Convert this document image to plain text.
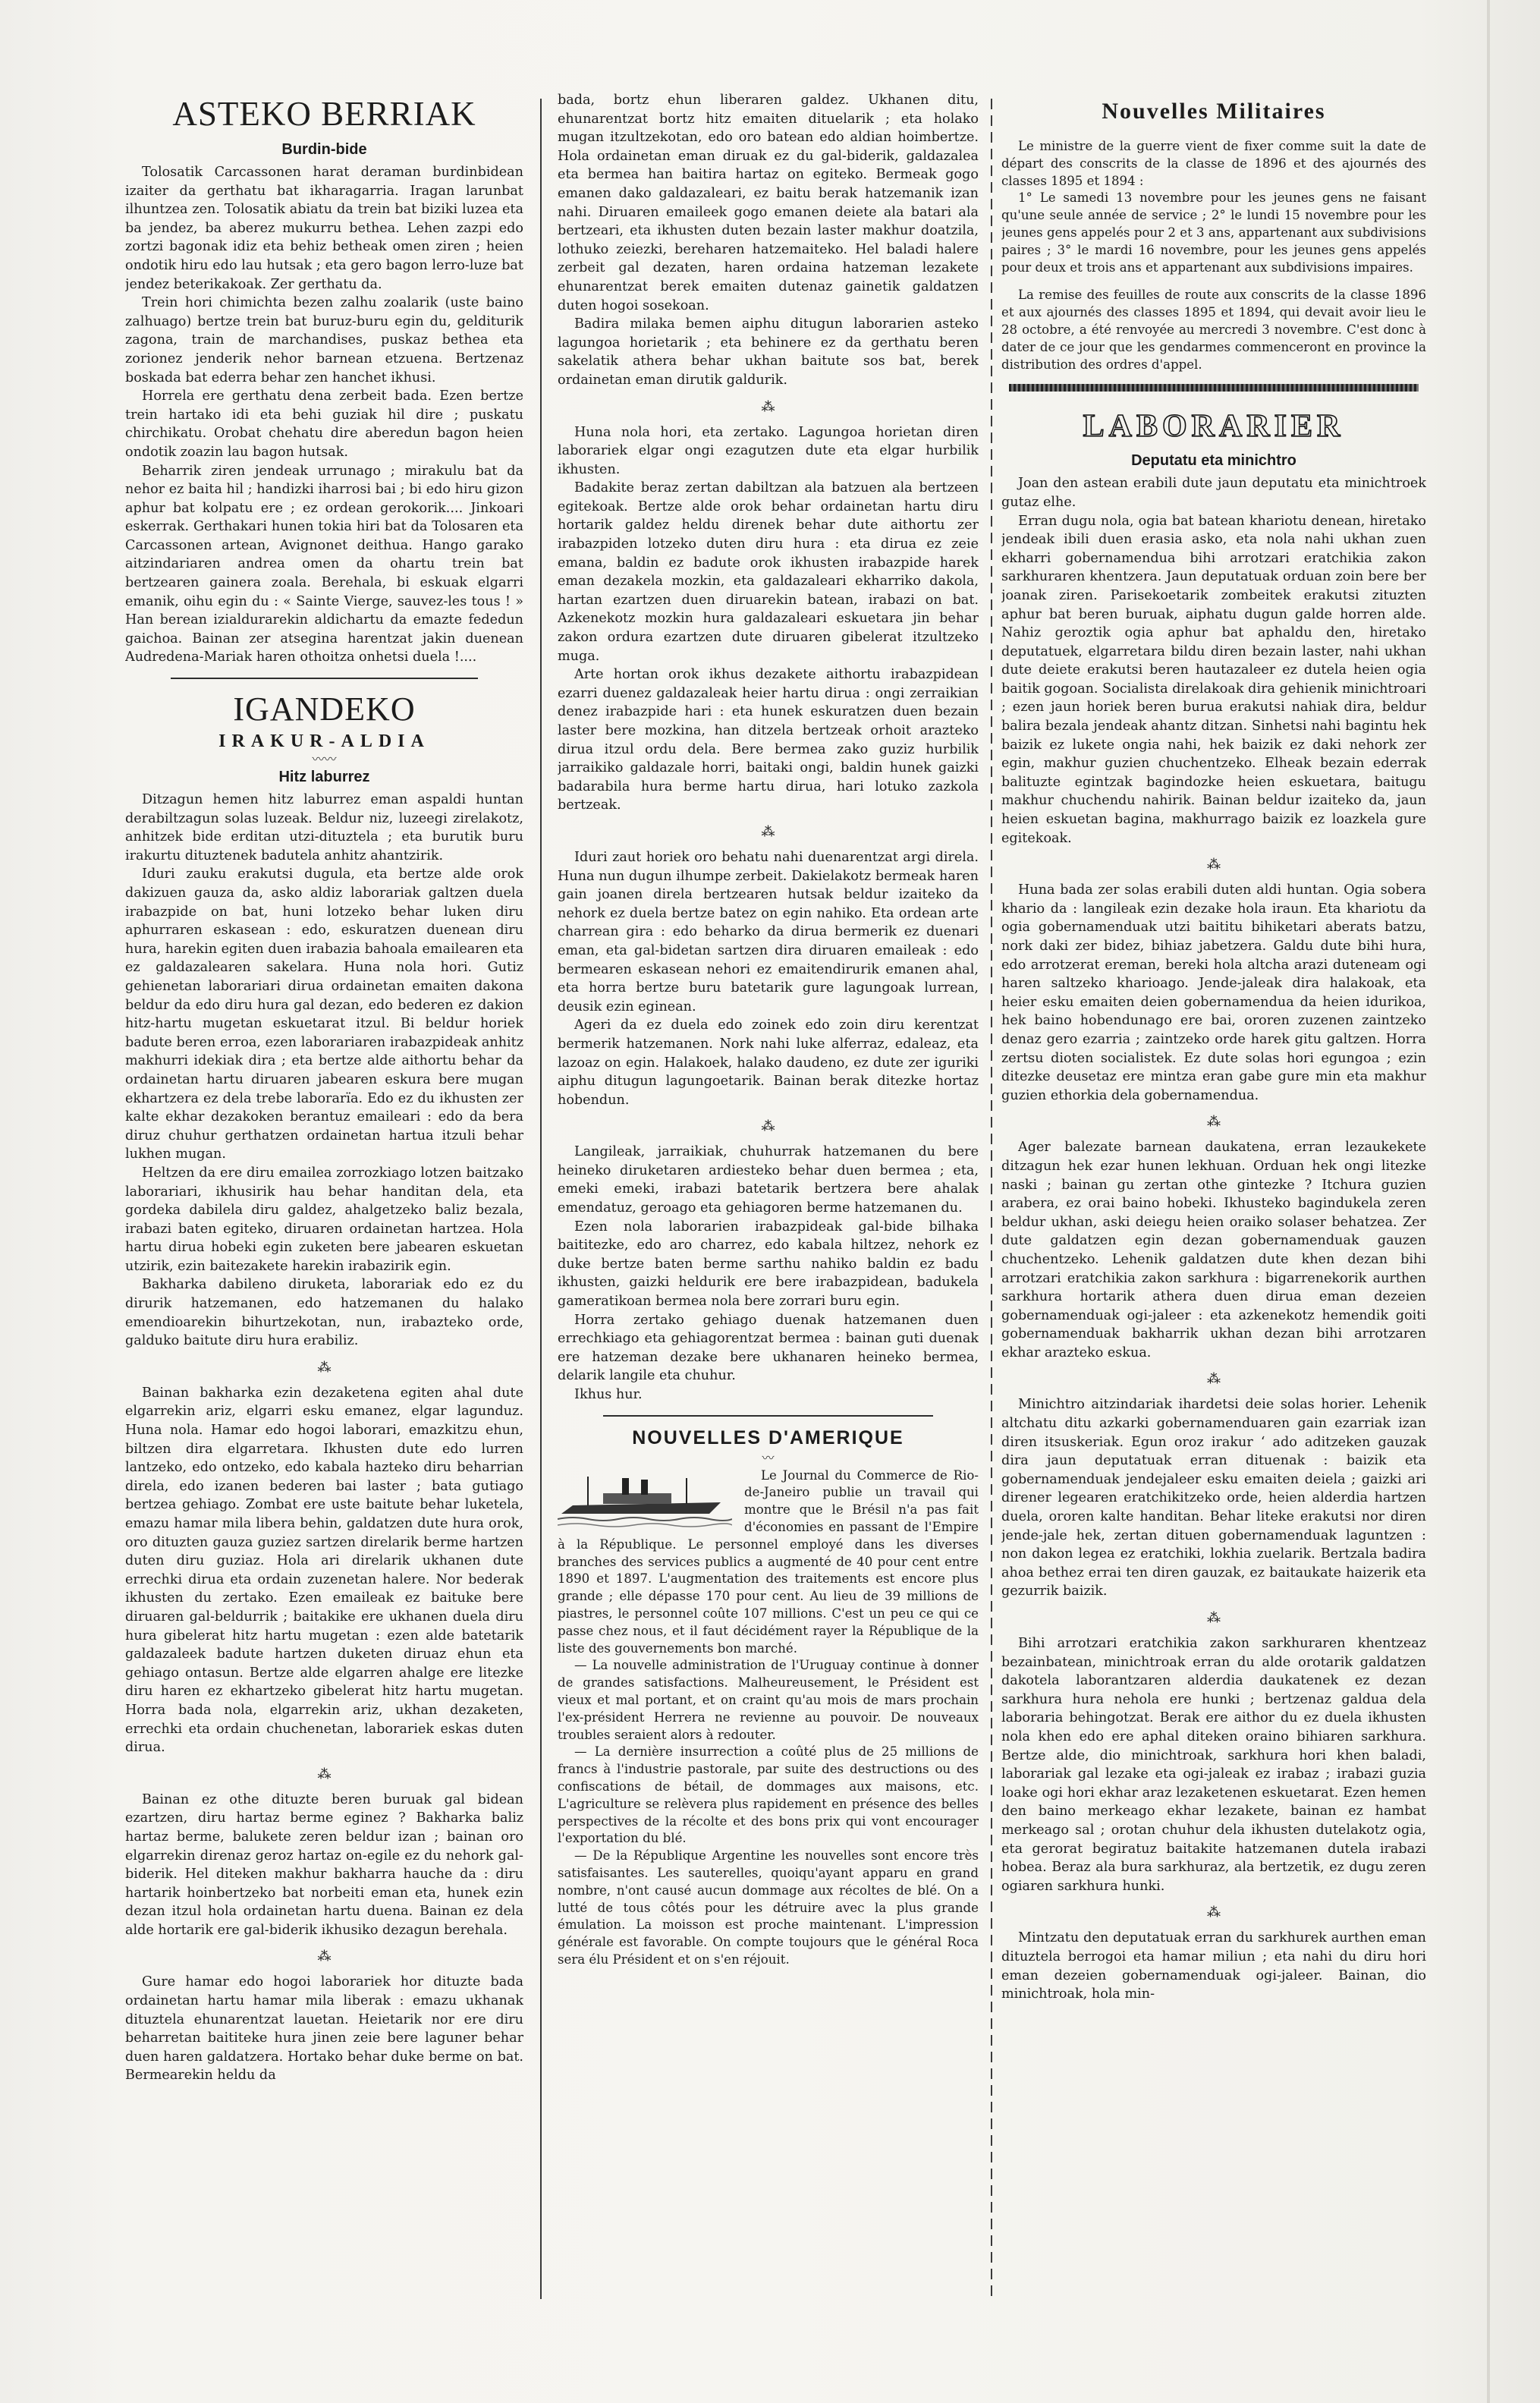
ASTEKO BERRIAK
Burdin-bide

Tolosatik Carcassonen harat deraman burdinbidean izaiter da gerthatu bat ikharagarria. Iragan larunbat ilhuntzea zen. Tolosatik abiatu da trein bat biziki luzea eta ba jendez, ba aberez mukurru bethea. Lehen zazpi edo zortzi bagonak idiz eta behiz betheak omen ziren ; heien ondotik hiru edo lau hutsak ; eta gero bagon lerro-luze bat jendez beterikakoak. Zer gerthatu da.

Trein hori chimichta bezen zalhu zoalarik (uste baino zalhuago) bertze trein bat buruz-buru egin du, gelditurik zagona, train de marchandises, puskaz bethea eta zorionez jenderik nehor barnean etzuena. Bertzenaz boskada bat ederra behar zen hanchet ikhusi.

Horrela ere gerthatu dena zerbeit bada. Ezen bertze trein hartako idi eta behi guziak hil dire ; puskatu chirchikatu. Orobat chehatu dire aberedun bagon heien ondotik zoazin lau bagon hutsak.

Beharrik ziren jendeak urrunago ; mirakulu bat da nehor ez baita hil ; handizki iharrosi bai ; bi edo hiru gizon aphur bat kolpatu ere ; ez ordean gerokorik.... Jinkoari eskerrak. Gerthakari hunen tokia hiri bat da Tolosaren eta Carcassonen artean, Avignonet deithua. Hango garako aitzindariaren andrea omen da ohartu trein bat bertzearen gainera zoala. Berehala, bi eskuak elgarri emanik, oihu egin du : « Sainte Vierge, sauvez-les tous ! » Han berean izialdurarekin aldichartu da emazte fededun gaichoa. Bainan zer atsegina harentzat jakin duenean Audredena-Mariak haren othoitza onhetsi duela !....

IGANDEKO
IRAKUR-ALDIA
〰〰
Hitz laburrez

Ditzagun hemen hitz laburrez eman aspaldi huntan derabiltzagun solas luzeak. Beldur niz, luzeegi zirelakotz, anhitzek bide erditan utzi-dituztela ; eta burutik buru irakurtu dituztenek badutela anhitz ahantzirik.

Iduri zauku erakutsi dugula, eta bertze alde orok dakizuen gauza da, asko aldiz laborariak galtzen duela irabazpide on bat, huni lotzeko behar luken diru aphurraren eskasean : edo, eskuratzen duenean diru hura, harekin egiten duen irabazia bahoala emailearen eta ez galdazalearen sakelara. Huna nola hori. Gutiz gehienetan laborariari dirua ordainetan emaiten dakona beldur da edo diru hura gal dezan, edo bederen ez dakion hitz-hartu mugetan eskuetarat itzul. Bi beldur horiek badute beren erroa, ezen laborariaren irabazpideak anhitz makhurri idekiak dira ; eta bertze alde aithortu behar da ordainetan hartu diruaren jabearen eskura bere mugan ekhartzera ez dela trebe laborarïa. Edo ez du ikhusten zer kalte ekhar dezakoken berantuz emaileari : edo da bera diruz chuhur gerthatzen ordainetan hartua itzuli behar lukhen mugan.

Heltzen da ere diru emailea zorrozkiago lotzen baitzako laborariari, ikhusirik hau behar handitan dela, eta gordeka dabilela diru galdez, ahalgetzeko baliz bezala, irabazi baten egiteko, diruaren ordainetan hartzea. Hola hartu dirua hobeki egin zuketen bere jabearen eskuetan utzirik, ezin baitezakete harekin irabazirik egin.

Bakharka dabileno diruketa, laborariak edo ez du dirurik hatzemanen, edo hatzemanen du halako emendioarekin bihurtzekotan, nun, irabazteko orde, galduko baitute diru hura erabiliz.

⁂

Bainan bakharka ezin dezaketena egiten ahal dute elgarrekin ariz, elgarri esku emanez, elgar lagunduz. Huna nola. Hamar edo hogoi laborari, emazkitzu ehun, biltzen dira elgarretara. Ikhusten dute edo lurren lantzeko, edo ontzeko, edo kabala hazteko diru beharrian direla, edo izanen bederen bai laster ; bata gutiago bertzea gehiago. Zombat ere uste baitute behar luketela, emazu hamar mila libera behin, galdatzen dute hura orok, oro dituzten gauza guziez sartzen direlarik berme hartzen duten diru guziaz. Hola ari direlarik ukhanen dute errechki dirua eta ordain zuzenetan halere. Nor bederak ikhusten du zertako. Ezen emaileak ez baituke bere diruaren gal-beldurrik ; baitakike ere ukhanen duela diru hura gibelerat hitz hartu mugetan : ezen alde batetarik galdazaleek badute hartzen duketen diruaz ehun eta gehiago ontasun. Bertze alde elgarren ahalge ere litezke diru haren ez ekhartzeko gibelerat hitz hartu mugetan. Horra bada nola, elgarrekin ariz, ukhan dezaketen, errechki eta ordain chuchenetan, laborariek eskas duten dirua.

⁂

Bainan ez othe dituzte beren buruak gal bidean ezartzen, diru hartaz berme eginez ? Bakharka baliz hartaz berme, balukete zeren beldur izan ; bainan oro elgarrekin direnaz geroz hartaz on-egile ez du nehork gal-biderik. Hel diteken makhur bakharra hauche da : diru hartarik hoinbertzeko bat norbeiti eman eta, hunek ezin dezan itzul hola ordainetan hartu duena. Bainan ez dela alde hortarik ere gal-biderik ikhusiko dezagun berehala.

⁂

Gure hamar edo hogoi laborariek hor dituzte bada ordainetan hartu hamar mila liberak : emazu ukhanak dituztela ehunarentzat lauetan. Heietarik nor ere diru beharretan baititeke hura jinen zeie bere laguner behar duen haren galdatzera. Hortako behar duke berme on bat. Bermearekin heldu da

bada, bortz ehun liberaren galdez. Ukhanen ditu, ehunarentzat bortz hitz emaiten dituelarik ; eta holako mugan itzultzekotan, edo oro batean edo aldian hoimbertze. Hola ordainetan eman diruak ez du gal-biderik, galdazalea eta bermea han baitira hartaz on egiteko. Bermeak gogo emanen dako galdazaleari, ez baitu berak hatzemanik izan nahi. Diruaren emaileek gogo emanen deiete ala batari ala bertzeari, eta ikhusten duten bezain laster makhur doatzila, lothuko zeiezki, bereharen hatzemaiteko. Hel baladi halere zerbeit gal dezaten, haren ordaina hatzeman lezakete ehunarentzat berek emaiten dutenaz gainetik galdatzen duten hogoi sosekoan.

Badira milaka bemen aiphu ditugun laborarien asteko lagungoa horietarik ; eta behinere ez da gerthatu beren sakelatik athera behar ukhan baitute sos bat, berek ordainetan eman dirutik galdurik.

⁂

Huna nola hori, eta zertako. Lagungoa horietan diren laborariek elgar ongi ezagutzen dute eta elgar hurbilik ikhusten.

Badakite beraz zertan dabiltzan ala batzuen ala bertzeen egitekoak. Bertze alde orok behar ordainetan hartu diru hortarik galdez heldu direnek behar dute aithortu zer irabazpiden lotzeko duten diru hura : eta dirua ez zeie emana, baldin ez badute orok ikhusten irabazpide harek eman dezakela mozkin, eta galdazaleari ekharriko dakola, hartan ezartzen duen diruarekin batean, irabazi on bat. Azkenekotz mozkin hura galdazaleari eskuetara jin behar zakon ordura ezartzen dute diruaren gibelerat itzultzeko muga.

Arte hortan orok ikhus dezakete aithortu irabazpidean ezarri duenez galdazaleak heier hartu dirua : ongi zerraikian denez irabazpide hari : eta hunek eskuratzen duen bezain laster bere mozkina, han ditzela bertzeak orhoit arazteko dirua itzul ordu dela. Bere bermea zako guziz hurbilik jarraikiko galdazale horri, baitaki ongi, baldin hunek gaizki badarabila hura berme hartu dirua, hari lotuko zazkola bertzeak.

⁂

Iduri zaut horiek oro behatu nahi duenarentzat argi direla. Huna nun dugun ilhumpe zerbeit. Dakielakotz bermeak haren gain joanen direla bertzearen hutsak beldur izaiteko da nehork ez duela bertze batez on egin nahiko. Eta ordean arte charrean gira : edo beharko da dirua bermerik ez duenari eman, eta gal-bidetan sartzen dira diruaren emaileak : edo bermearen eskasean nehori ez emaitendirurik emanen ahal, eta horra bertze buru batetarik gure lagungoak lurrean, deusik ezin eginean.

Ageri da ez duela edo zoinek edo zoin diru kerentzat bermerik hatzemanen. Nork nahi luke alferraz, edaleaz, eta lazoaz on egin. Halakoek, halako daudeno, ez dute zer iguriki aiphu ditugun lagungoetarik. Bainan berak ditezke hortaz hobendun.

⁂

Langileak, jarraikiak, chuhurrak hatzemanen du bere heineko diruketaren ardiesteko behar duen bermea ; eta, emeki emeki, irabazi batetarik bertzera bere ahalak emendatuz, geroago eta gehiagoren berme hatzemanen du.

Ezen nola laborarien irabazpideak gal-bide bilhaka baititezke, edo aro charrez, edo kabala hiltzez, nehork ez duke bertze baten berme sarthu nahiko baldin ez badu ikhusten, gaizki heldurik ere bere irabazpidean, badukela gameratikoan bermea nola bere zorrari buru egin.

Horra zertako gehiago duenak hatzemanen duen errechkiago eta gehiagorentzat bermea : bainan guti duenak ere hatzeman dezake bere ukhanaren heineko bermea, delarik langile eta chuhur.

Ikhus hur.

NOUVELLES D'AMERIQUE
〰

Le Journal du Commerce de Rio-de-Janeiro publie un travail qui montre que le Brésil n'a pas fait d'économies en passant de l'Empire à la République. Le personnel employé dans les diverses branches des services publics a augmenté de 40 pour cent entre 1890 et 1897. L'augmentation des traitements est encore plus grande ; elle dépasse 170 pour cent. Au lieu de 39 millions de piastres, le personnel coûte 107 millions. C'est un peu ce qui ce passe chez nous, et il faut décidément rayer la République de la liste des gouvernements bon marché.

— La nouvelle administration de l'Uruguay continue à donner de grandes satisfactions. Malheureusement, le Président est vieux et mal portant, et on craint qu'au mois de mars prochain l'ex-président Herrera ne revienne au pouvoir. De nouveaux troubles seraient alors à redouter.

— La dernière insurrection a coûté plus de 25 millions de francs à l'industrie pastorale, par suite des destructions ou des confiscations de bétail, de dommages aux maisons, etc. L'agriculture se relèvera plus rapidement en présence des belles perspectives de la récolte et des bons prix qui vont encourager l'exportation du blé.

— De la République Argentine les nouvelles sont encore très satisfaisantes. Les sauterelles, quoiqu'ayant apparu en grand nombre, n'ont causé aucun dommage aux récoltes de blé. On a lutté de tous côtés pour les détruire avec la plus grande émulation. La moisson est proche maintenant. L'impression générale est favorable. On compte toujours que le général Roca sera élu Président et on s'en réjouit.

Nouvelles Militaires

Le ministre de la guerre vient de fixer comme suit la date de départ des conscrits de la classe de 1896 et des ajournés des classes 1895 et 1894 :

1° Le samedi 13 novembre pour les jeunes gens ne faisant qu'une seule année de service ; 2° le lundi 15 novembre pour les jeunes gens appelés pour 2 et 3 ans, appartenant aux subdivisions paires ; 3° le mardi 16 novembre, pour les jeunes gens appelés pour deux et trois ans et appartenant aux subdivisions impaires.

La remise des feuilles de route aux conscrits de la classe 1896 et aux ajournés des classes 1895 et 1894, qui devait avoir lieu le 28 octobre, a été renvoyée au mercredi 3 novembre. C'est donc à dater de ce jour que les gendarmes commenceront en province la distribution des ordres d'appel.

LABORARIER
Deputatu eta minichtro

Joan den astean erabili dute jaun deputatu eta minichtroek gutaz elhe.

Erran dugu nola, ogia bat batean khariotu denean, hiretako jendeak ibili duen erasia asko, eta nola nahi ukhan zuen ekharri gobernamendua bihi arrotzari eratchikia zakon sarkhuraren khentzera. Jaun deputatuak orduan zoin bere ber joanak ziren. Parisekoetarik zombeitek erakutsi zituzten aphur bat beren buruak, aiphatu dugun galde horren alde. Nahiz geroztik ogia aphur bat aphaldu den, hiretako deputatuek, elgarretara bildu diren bezain laster, nahi ukhan dute deiete erakutsi beren hautazaleer ez dutela heien ogia baitik gogoan. Socialista direlakoak dira gehienik minichtroari ; ezen jaun horiek beren burua erakutsi nahiak dira, beldur balira bezala jendeak ahantz ditzan. Sinhetsi nahi bagintu hek baizik ez lukete ongia nahi, hek baizik ez daki nehork zer egin, makhur guzien chuchentzeko. Elheak bezain ederrak balituzte egintzak bagindozke heien eskuetara, baitugu makhur chuchendu nahirik. Bainan beldur izaiteko da, jaun heien eskuetan bagina, makhurrago baizik ez loazkela gure egitekoak.

⁂

Huna bada zer solas erabili duten aldi huntan. Ogia sobera khario da : langileak ezin dezake hola iraun. Eta khariotu da ogia gobernamenduak utzi baititu bihiketari aberats batzu, nork daki zer bidez, bihiaz jabetzera. Galdu dute bihi hura, edo arrotzerat ereman, bereki hola altcha arazi duteneam ogi haren saltzeko kharioago. Jende-jaleak dira halakoak, eta heier esku emaiten deien gobernamendua da heien idurikoa, hek baino hobendunago ere bai, ororen zuzenen zaintzeko denaz gero ezarria ; zaintzeko orde harek gitu galtzen. Horra zertsu dioten socialistek. Ez dute solas hori egungoa ; ezin ditezke deusetaz ere mintza eran gabe gure min eta makhur guzien ethorkia dela gobernamendua.

⁂

Ager balezate barnean daukatena, erran lezaukekete ditzagun hek ezar hunen lekhuan. Orduan hek ongi litezke naski ; bainan gu zertan othe gintezke ? Itchura guzien arabera, ez orai baino hobeki. Ikhusteko bagindukela zeren beldur ukhan, aski deiegu heien oraiko solaser behatzea. Zer dute galdatzen egin dezan gobernamenduak gauzen chuchentzeko. Lehenik galdatzen dute khen dezan bihi arrotzari eratchikia zakon sarkhura : bigarrenekorik aurthen sarkhura hortarik athera duen dirua eman dezeien gobernamenduak ogi-jaleer : eta azkenekotz hemendik goiti gobernamenduak bakharrik ukhan dezan bihi arrotzaren ekhar arazteko eskua.

⁂

Minichtro aitzindariak ihardetsi deie solas horier. Lehenik altchatu ditu azkarki gobernamenduaren gain ezarriak izan diren itsuskeriak. Egun oroz irakur ‘ ado aditzeken gauzak dira jaun deputatuak erran dituenak : baizik eta gobernamenduak jendejaleer esku emaiten deiela ; gaizki ari direner legearen eratchikitzeko orde, heien alderdia hartzen duela, ororen kalte handitan. Behar liteke erakutsi nor diren jende-jale hek, zertan dituen gobernamenduak laguntzen : non dakon legea ez eratchiki, lokhia zuelarik. Bertzala badira ahoa bethez errai ten diren gauzak, ez baitaukate haizerik eta gezurrik baizik.

⁂

Bihi arrotzari eratchikia zakon sarkhuraren khentzeaz bezainbatean, minichtroak erran du alde orotarik galdatzen dakotela laborantzaren alderdia daukatenek ez dezan sarkhura hura nehola ere hunki ; bertzenaz galdua dela laboraria behingotzat. Berak ere aithor du ez duela ikhusten nola khen edo ere aphal diteken oraino bihiaren sarkhura. Bertze alde, dio minichtroak, sarkhura hori khen baladi, laborariak gal lezake eta ogi-jaleak ez irabaz ; irabazi guzia loake ogi hori ekhar araz lezaketenen eskuetarat. Ezen hemen den baino merkeago ekhar lezakete, bainan ez hambat merkeago sal ; orotan chuhur dela ikhusten dutelakotz ogia, eta gerorat begiratuz baitakite hatzemanen dutela irabazi hobea. Beraz ala bura sarkhuraz, ala bertzetik, ez dugu zeren ogiaren sarkhura hunki.

⁂

Mintzatu den deputatuak erran du sarkhurek aurthen eman dituztela berrogoi eta hamar miliun ; eta nahi du diru hori eman dezeien gobernamenduak ogi-jaleer. Bainan, dio minichtroak, hola min-
